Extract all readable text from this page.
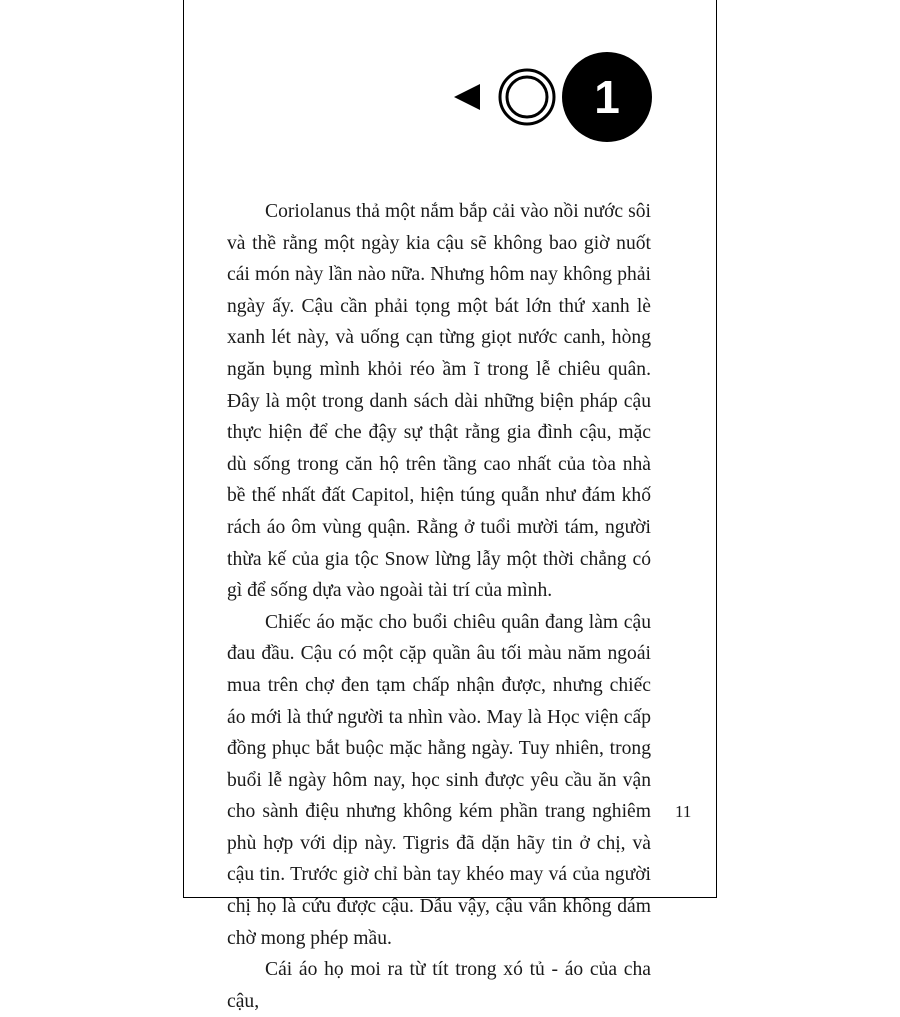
1

Coriolanus thả một nắm bắp cải vào nồi nước sôi và thề rằng một ngày kia cậu sẽ không bao giờ nuốt cái món này lần nào nữa. Nhưng hôm nay không phải ngày ấy. Cậu cần phải tọng một bát lớn thứ xanh lè xanh lét này, và uống cạn từng giọt nước canh, hòng ngăn bụng mình khỏi réo ầm ĩ trong lễ chiêu quân. Đây là một trong danh sách dài những biện pháp cậu thực hiện để che đậy sự thật rằng gia đình cậu, mặc dù sống trong căn hộ trên tầng cao nhất của tòa nhà bề thế nhất đất Capitol, hiện túng quẫn như đám khố rách áo ôm vùng quận. Rằng ở tuổi mười tám, người thừa kế của gia tộc Snow lừng lẫy một thời chẳng có gì để sống dựa vào ngoài tài trí của mình.

Chiếc áo mặc cho buổi chiêu quân đang làm cậu đau đầu. Cậu có một cặp quần âu tối màu năm ngoái mua trên chợ đen tạm chấp nhận được, nhưng chiếc áo mới là thứ người ta nhìn vào. May là Học viện cấp đồng phục bắt buộc mặc hằng ngày. Tuy nhiên, trong buổi lễ ngày hôm nay, học sinh được yêu cầu ăn vận cho sành điệu nhưng không kém phần trang nghiêm phù hợp với dịp này. Tigris đã dặn hãy tin ở chị, và cậu tin. Trước giờ chỉ bàn tay khéo may vá của người chị họ là cứu được cậu. Dẫu vậy, cậu vẫn không dám chờ mong phép mầu.

Cái áo họ moi ra từ tít trong xó tủ - áo của cha cậu,

11
